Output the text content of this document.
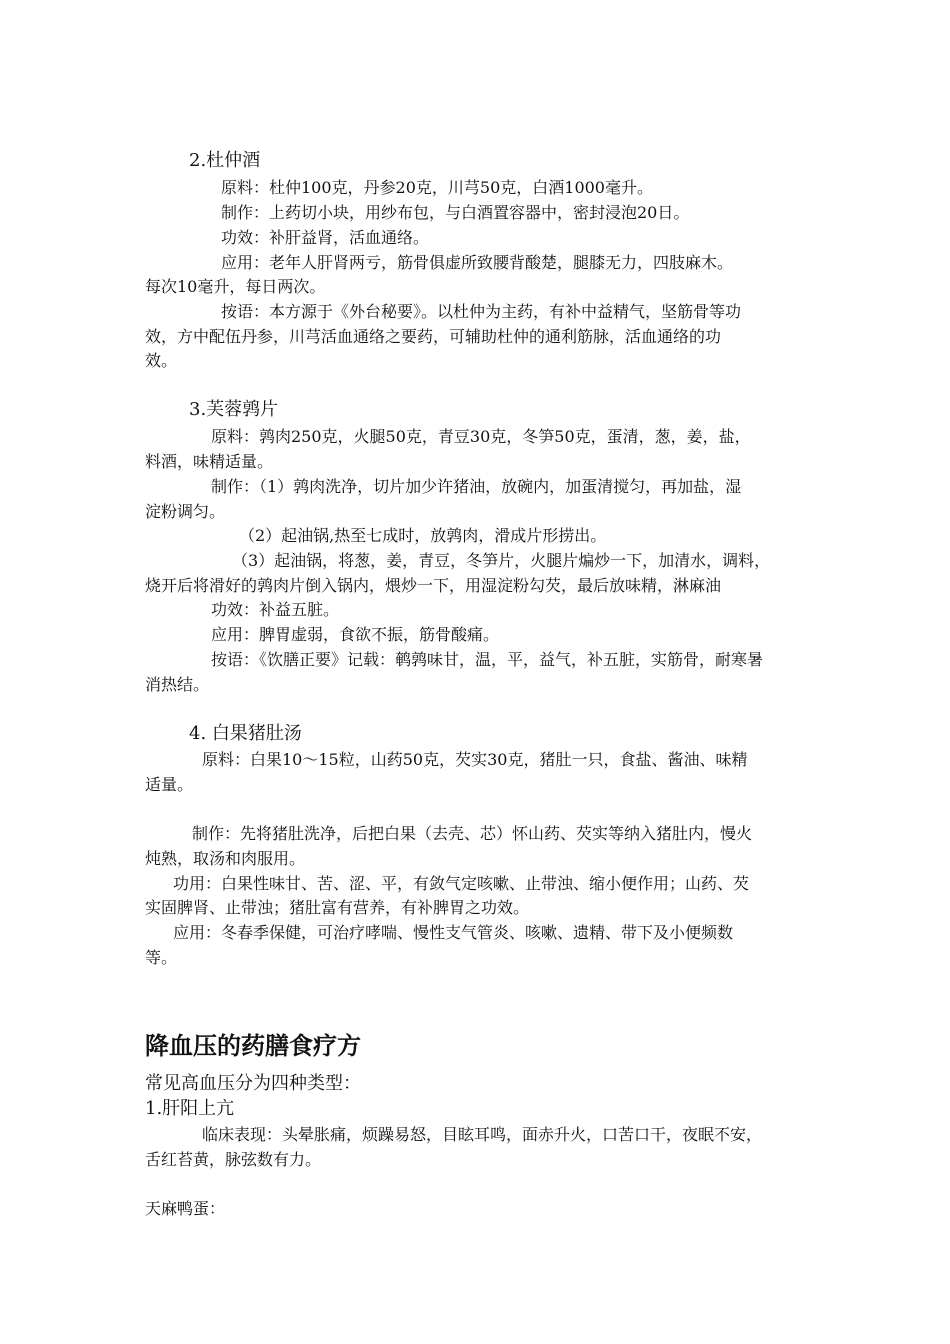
2.杜仲酒
原料：杜仲100克，丹参20克，川芎50克，白酒1000毫升。
制作：上药切小块，用纱布包，与白酒置容器中，密封浸泡20日。
功效：补肝益肾，活血通络。
应用：老年人肝肾两亏，筋骨俱虚所致腰背酸楚，腿膝无力，四肢麻木。
每次10毫升，每日两次。
按语：本方源于《外台秘要》。以杜仲为主药，有补中益精气，坚筋骨等功
效，方中配伍丹参，川芎活血通络之要药，可辅助杜仲的通利筋脉，活血通络的功
效。
3.芙蓉鹑片
原料：鹑肉250克，火腿50克，青豆30克，冬笋50克，蛋清，葱，姜，盐，
料酒，味精适量。
制作：（1）鹑肉洗净，切片加少许猪油，放碗内，加蛋清搅匀，再加盐，湿
淀粉调匀。
（2）起油锅,热至七成时，放鹑肉，滑成片形捞出。
（3）起油锅，将葱，姜，青豆，冬笋片，火腿片煸炒一下，加清水，调料，
烧开后将滑好的鹑肉片倒入锅内，煨炒一下，用湿淀粉勾芡，最后放味精，淋麻油
功效：补益五脏。
应用：脾胃虚弱，食欲不振，筋骨酸痛。
按语：《饮膳正要》记载：鹌鹑味甘，温，平，益气，补五脏，实筋骨，耐寒暑
消热结。
4. 白果猪肚汤
原料：白果10～15粒，山药50克，芡实30克，猪肚一只，食盐、酱油、味精
适量。
制作：先将猪肚洗净，后把白果（去壳、芯）怀山药、芡实等纳入猪肚内，慢火
炖熟，取汤和肉服用。
功用：白果性味甘、苦、涩、平，有敛气定咳嗽、止带浊、缩小便作用；山药、芡
实固脾肾、止带浊；猪肚富有营养，有补脾胃之功效。
应用：冬春季保健，可治疗哮喘、慢性支气管炎、咳嗽、遗精、带下及小便频数
等。
降血压的药膳食疗方
常见高血压分为四种类型：
1.肝阳上亢
临床表现：头晕胀痛，烦躁易怒，目眩耳鸣，面赤升火，口苦口干，夜眠不安，
舌红苔黄，脉弦数有力。
天麻鸭蛋：
